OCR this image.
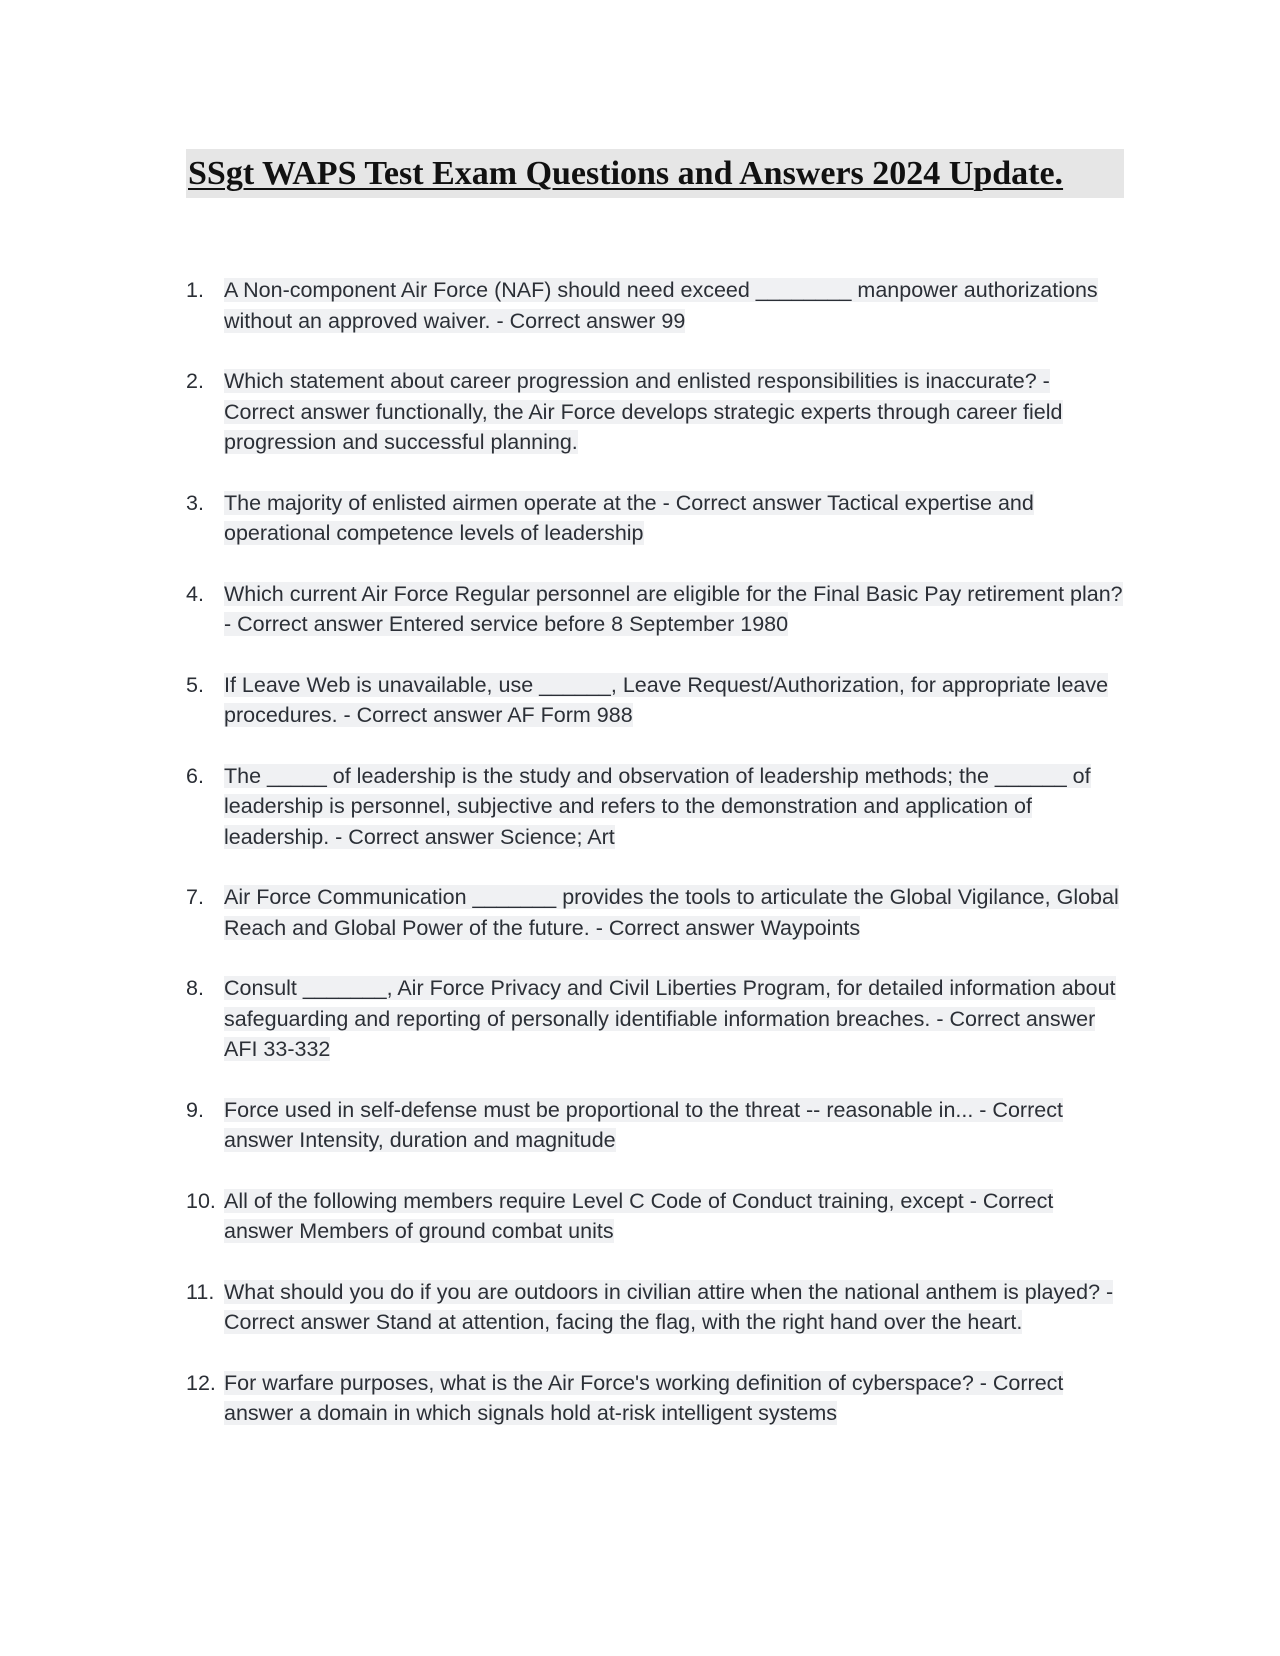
SSgt WAPS Test Exam Questions and Answers 2024 Update.
1. A Non-component Air Force (NAF) should need exceed ________ manpower authorizations without an approved waiver. - Correct answer 99
2. Which statement about career progression and enlisted responsibilities is inaccurate? - Correct answer functionally, the Air Force develops strategic experts through career field progression and successful planning.
3. The majority of enlisted airmen operate at the - Correct answer Tactical expertise and operational competence levels of leadership
4. Which current Air Force Regular personnel are eligible for the Final Basic Pay retirement plan? - Correct answer Entered service before 8 September 1980
5. If Leave Web is unavailable, use ______, Leave Request/Authorization, for appropriate leave procedures. - Correct answer AF Form 988
6. The _____ of leadership is the study and observation of leadership methods; the ______ of leadership is personnel, subjective and refers to the demonstration and application of leadership. - Correct answer Science; Art
7. Air Force Communication _______ provides the tools to articulate the Global Vigilance, Global Reach and Global Power of the future. - Correct answer Waypoints
8. Consult _______, Air Force Privacy and Civil Liberties Program, for detailed information about safeguarding and reporting of personally identifiable information breaches. - Correct answer AFI 33-332
9. Force used in self-defense must be proportional to the threat -- reasonable in... - Correct answer Intensity, duration and magnitude
10. All of the following members require Level C Code of Conduct training, except - Correct answer Members of ground combat units
11. What should you do if you are outdoors in civilian attire when the national anthem is played? - Correct answer Stand at attention, facing the flag, with the right hand over the heart.
12. For warfare purposes, what is the Air Force's working definition of cyberspace? - Correct answer a domain in which signals hold at-risk intelligent systems
